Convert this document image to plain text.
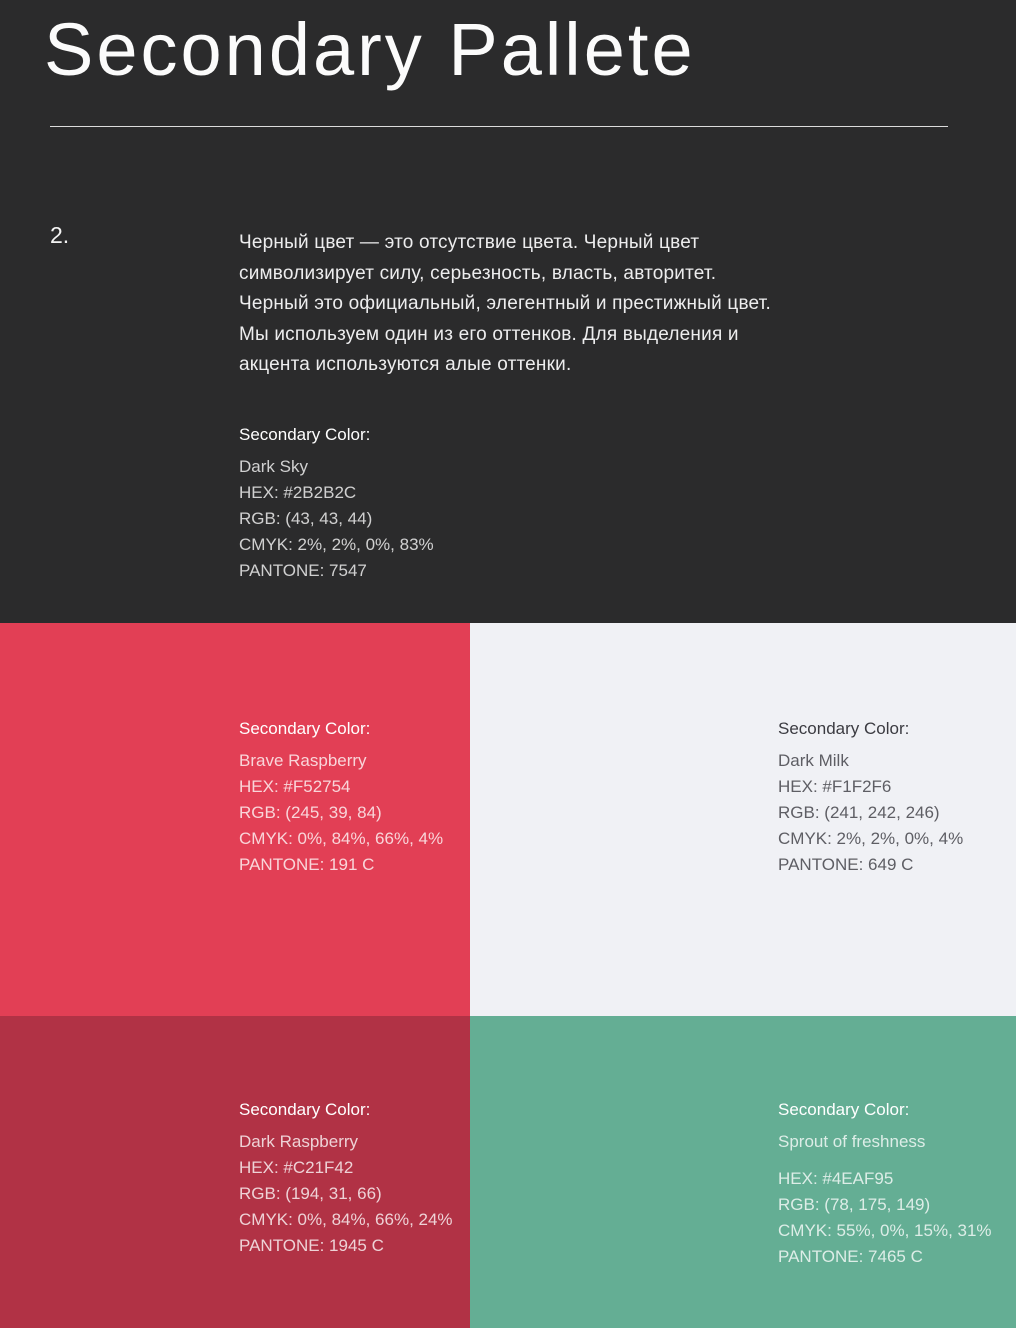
Secondary Pallete
2.	Черный цвет — это отсутствие цвета. Черный цвет
символизирует силу, серьезность, власть, авторитет.
Черный это официальный, элегентный и престижный цвет.
Мы используем один из его оттенков. Для выделения и
акцента используются алые оттенки.
Secondary Color:
Dark Sky
HEX: #2B2B2C
RGB: (43, 43, 44)
CMYK: 2%, 2%, 0%, 83%
PANTONE: 7547
Secondary Color:
Brave Raspberry
HEX: #F52754
RGB: (245, 39, 84)
CMYK: 0%, 84%, 66%, 4%
PANTONE: 191 C
Secondary Color:
Dark Milk
HEX: #F1F2F6
RGB: (241, 242, 246)
CMYK: 2%, 2%, 0%, 4%
PANTONE: 649 C
Secondary Color:
Dark Raspberry
HEX: #C21F42
RGB: (194, 31, 66)
CMYK: 0%, 84%, 66%, 24%
PANTONE: 1945 C
Secondary Color:
Sprout of freshness
HEX: #4EAF95
RGB: (78, 175, 149)
CMYK: 55%, 0%, 15%, 31%
PANTONE: 7465 C
